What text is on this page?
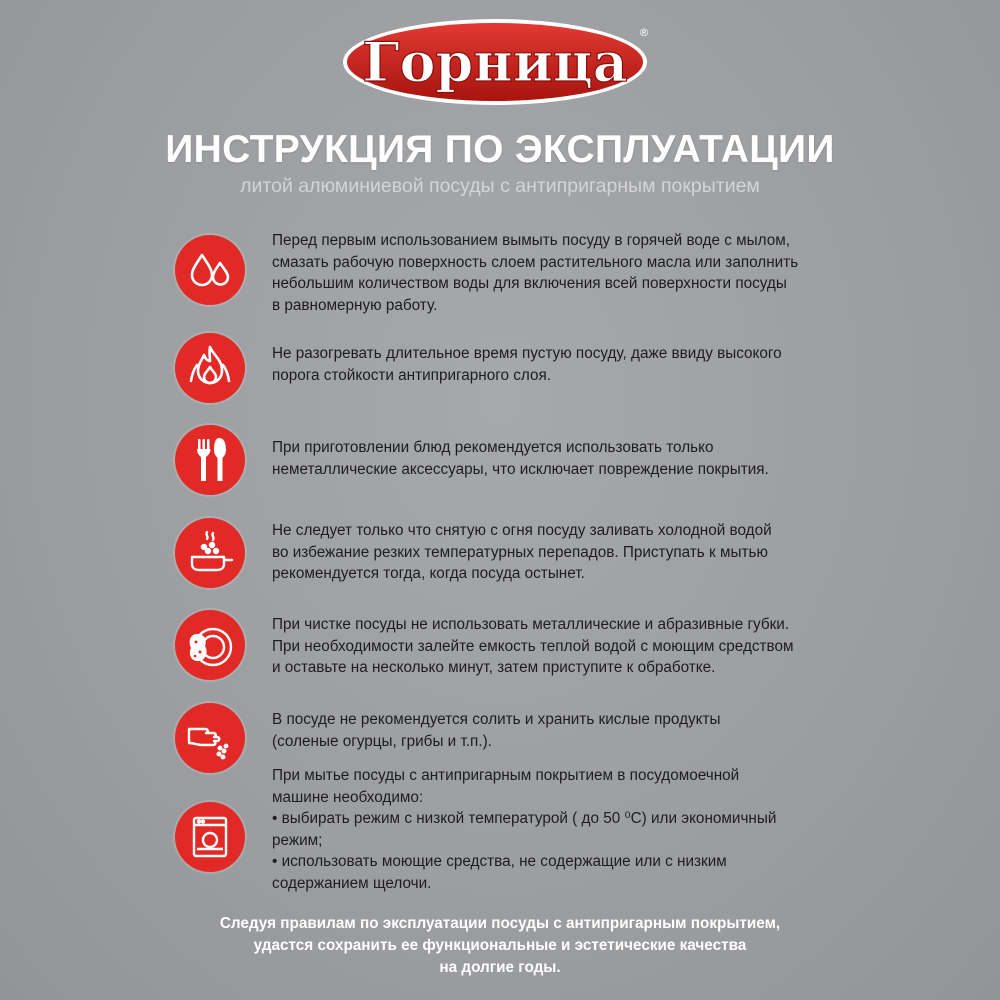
Горница ®
ИНСТРУКЦИЯ ПО ЭКСПЛУАТАЦИИ
литой алюминиевой посуды с антипригарным покрытием

Перед первым использованием вымыть посуду в горячей воде с мылом,

смазать рабочую поверхность слоем растительного масла или заполнить

небольшим количеством воды для включения всей поверхности посуды

в равномерную работу.

Не разогревать длительное время пустую посуду, даже ввиду высокого

порога стойкости антипригарного слоя.

При приготовлении блюд рекомендуется использовать только

неметаллические аксессуары, что исключает повреждение покрытия.

Не следует только что снятую с огня посуду заливать холодной водой

во избежание резких температурных перепадов. Приступать к мытью

рекомендуется тогда, когда посуда остынет.

При чистке посуды не использовать металлические и абразивные губки.

При необходимости залейте емкость теплой водой с моющим средством

и оставьте на несколько минут, затем приступите к обработке.

В посуде не рекомендуется солить и хранить кислые продукты

(соленые огурцы, грибы и т.п.).

При мытье посуды с антипригарным покрытием в посудомоечной

машине необходимо:

• выбирать режим с низкой температурой ( до 50 ⁰С) или экономичный

режим;

• использовать моющие средства, не содержащие или с низким

содержанием щелочи.

Следуя правилам по эксплуатации посуды с антипригарным покрытием,

удастся сохранить ее функциональные и эстетические качества

на долгие годы.
